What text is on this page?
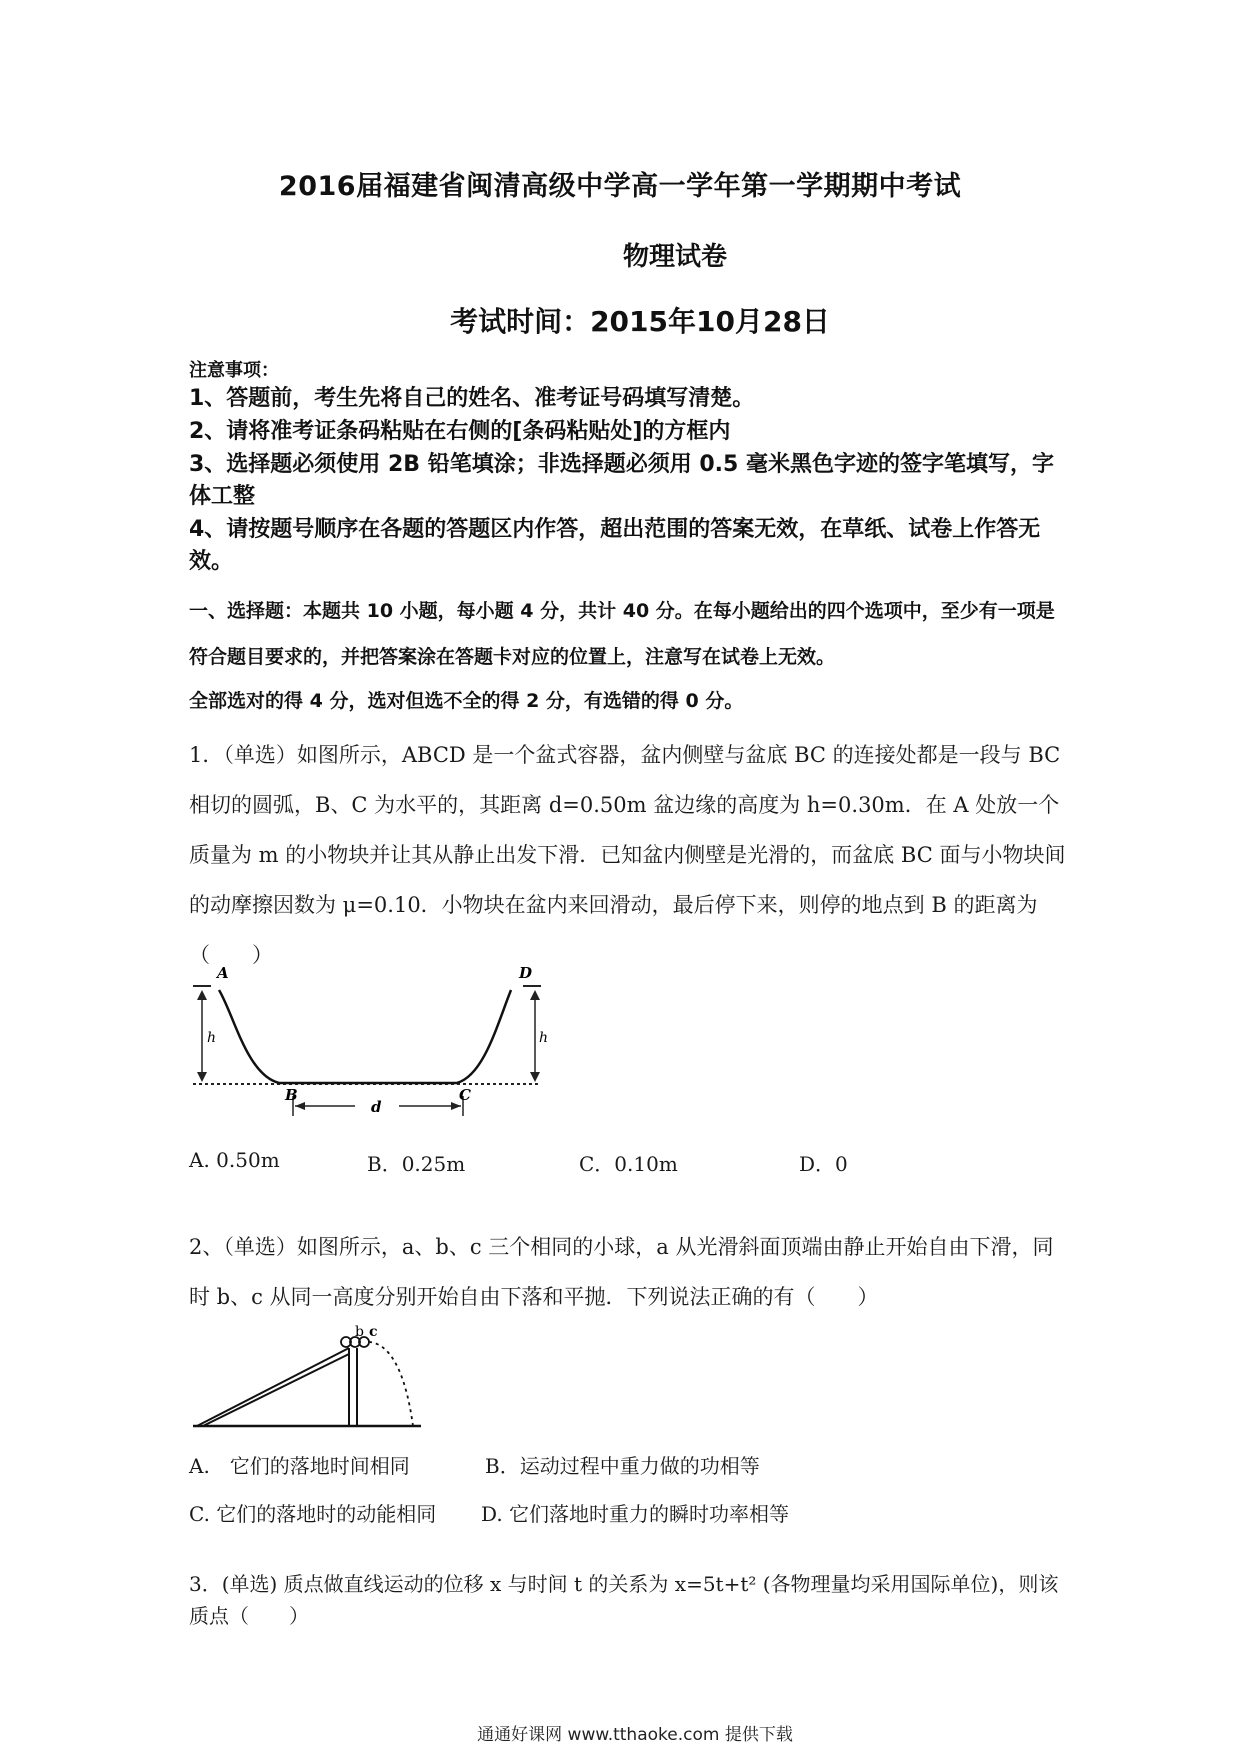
2016届福建省闽清高级中学高一学年第一学期期中考试
物理试卷
考试时间：2015年10月28日
注意事项：

1、答题前，考生先将自己的姓名、准考证号码填写清楚。

2、请将准考证条码粘贴在右侧的[条码粘贴处]的方框内

3、选择题必须使用 2B 铅笔填涂；非选择题必须用 0.5 毫米黑色字迹的签字笔填写，字体工整

4、请按题号顺序在各题的答题区内作答，超出范围的答案无效，在草纸、试卷上作答无效。

一、选择题：本题共 10 小题，每小题 4 分，共计 40 分。在每小题给出的四个选项中，至少有一项是符合题目要求的，并把答案涂在答题卡对应的位置上，注意写在试卷上无效。
全部选对的得 4 分，选对但选不全的得 2 分，有选错的得 0 分。
1．（单选）如图所示，ABCD 是一个盆式容器，盆内侧壁与盆底 BC 的连接处都是一段与 BC 相切的圆弧，B、C 为水平的，其距离 d=0.50m 盆边缘的高度为 h=0.30m．在 A 处放一个质量为 m 的小物块并让其从静止出发下滑．已知盆内侧壁是光滑的，而盆底 BC 面与小物块间的动摩擦因数为 μ=0.10．小物块在盆内来回滑动，最后停下来，则停的地点到 B 的距离为（　　）
A	D
B	C
h	h
d
A. 0.50m	B．0.25m	C．0.10m	D．0
2、（单选）如图所示，a、b、c 三个相同的小球，a 从光滑斜面顶端由静止开始自由下滑，同时 b、c 从同一高度分别开始自由下落和平抛．下列说法正确的有（　　）
b c
A.　它们的落地时间相同	B．运动过程中重力做的功相等
C. 它们的落地时的动能相同 D. 它们落地时重力的瞬时功率相等
3．(单选) 质点做直线运动的位移 x 与时间 t 的关系为 x=5t+t² (各物理量均采用国际单位)，则该质点（　　）
通通好课网 www.tthaoke.com 提供下载
